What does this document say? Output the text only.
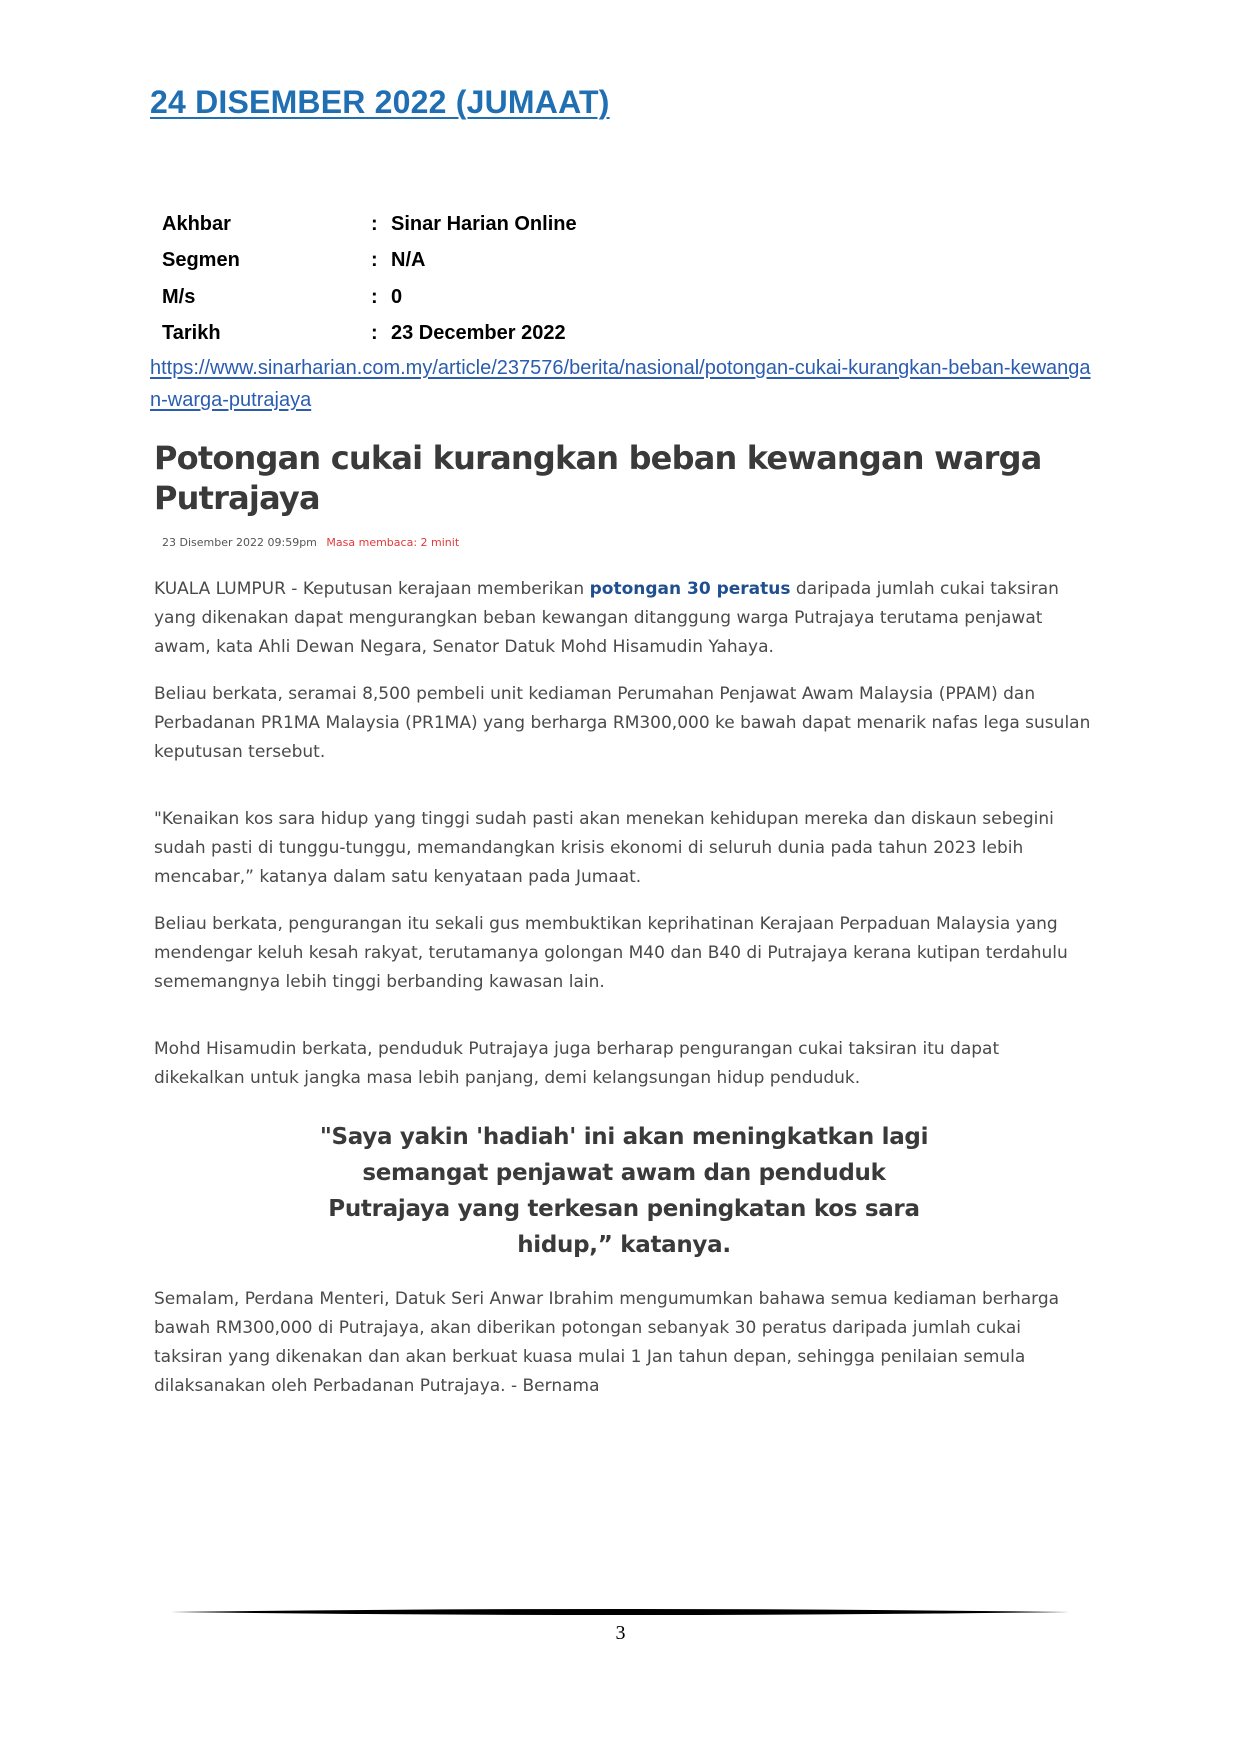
24 DISEMBER 2022 (JUMAAT)
Akhbar	:	Sinar Harian Online
Segmen	:	N/A
M/s	:	0
Tarikh	:	23 December 2022
https://www.sinarharian.com.my/article/237576/berita/nasional/potongan-cukai-kurangkan-beban-kewangan-warga-putrajaya
Potongan cukai kurangkan beban kewangan warga Putrajaya
23 Disember 2022 09:59pm Masa membaca: 2 minit

KUALA LUMPUR - Keputusan kerajaan memberikan potongan 30 peratus daripada jumlah cukai taksiran yang dikenakan dapat mengurangkan beban kewangan ditanggung warga Putrajaya terutama penjawat awam, kata Ahli Dewan Negara, Senator Datuk Mohd Hisamudin Yahaya.

Beliau berkata, seramai 8,500 pembeli unit kediaman Perumahan Penjawat Awam Malaysia (PPAM) dan Perbadanan PR1MA Malaysia (PR1MA) yang berharga RM300,000 ke bawah dapat menarik nafas lega susulan keputusan tersebut.

"Kenaikan kos sara hidup yang tinggi sudah pasti akan menekan kehidupan mereka dan diskaun sebegini sudah pasti di tunggu-tunggu, memandangkan krisis ekonomi di seluruh dunia pada tahun 2023 lebih mencabar,” katanya dalam satu kenyataan pada Jumaat.

Beliau berkata, pengurangan itu sekali gus membuktikan keprihatinan Kerajaan Perpaduan Malaysia yang mendengar keluh kesah rakyat, terutamanya golongan M40 dan B40 di Putrajaya kerana kutipan terdahulu sememangnya lebih tinggi berbanding kawasan lain.

Mohd Hisamudin berkata, penduduk Putrajaya juga berharap pengurangan cukai taksiran itu dapat dikekalkan untuk jangka masa lebih panjang, demi kelangsungan hidup penduduk.

"Saya yakin 'hadiah' ini akan meningkatkan lagi semangat penjawat awam dan penduduk Putrajaya yang terkesan peningkatan kos sara hidup,” katanya.

Semalam, Perdana Menteri, Datuk Seri Anwar Ibrahim mengumumkan bahawa semua kediaman berharga bawah RM300,000 di Putrajaya, akan diberikan potongan sebanyak 30 peratus daripada jumlah cukai taksiran yang dikenakan dan akan berkuat kuasa mulai 1 Jan tahun depan, sehingga penilaian semula dilaksanakan oleh Perbadanan Putrajaya. - Bernama

3
